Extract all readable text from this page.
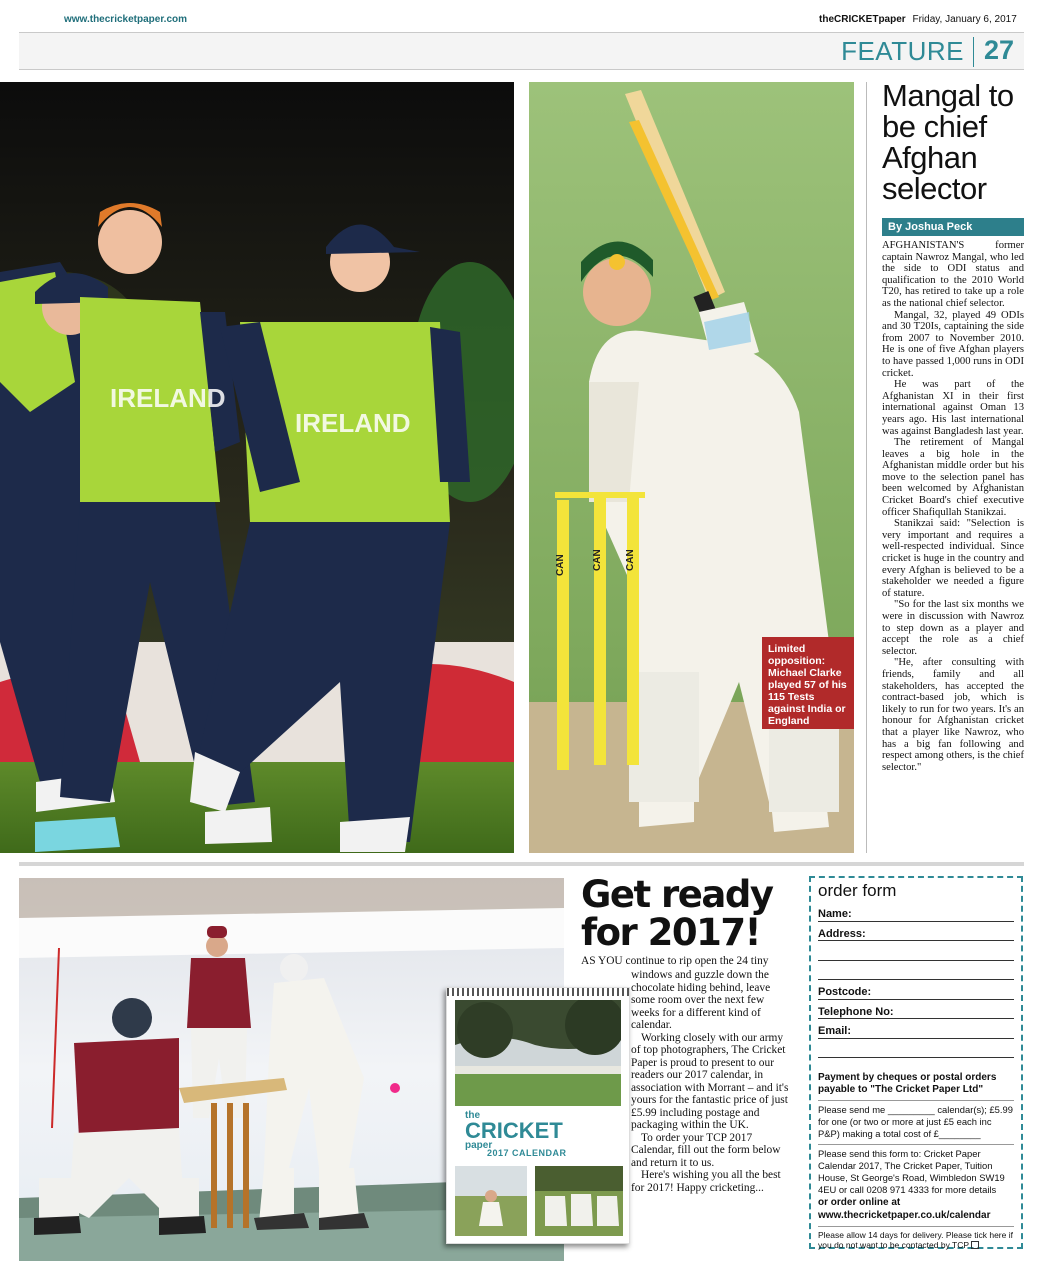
www.thecricketpaper.com	theCRICKETpaper Friday, January 6, 2017
FEATURE 27
IRELAND
IRELAND
CAN	CAN CAN
Limited opposition: Michael Clarke played 57 of his 115 Tests against India or England
Mangal to be chief Afghan selector
By Joshua Peck

AFGHANISTAN'S former captain Nawroz Mangal, who led the side to ODI status and qualification to the 2010 World T20, has retired to take up a role as the national chief selector.

Mangal, 32, played 49 ODIs and 30 T20Is, captaining the side from 2007 to November 2010. He is one of five Afghan players to have passed 1,000 runs in ODI cricket.

He was part of the Afghanistan XI in their first international against Oman 13 years ago. His last international was against Bangladesh last year.

The retirement of Mangal leaves a big hole in the Afghanistan middle order but his move to the selection panel has been welcomed by Afghanistan Cricket Board's chief executive officer Shafiqullah Stanikzai.

Stanikzai said: "Selection is very important and requires a well-respected individual. Since cricket is huge in the country and every Afghan is believed to be a stakeholder we needed a figure of stature.

"So for the last six months we were in discussion with Nawroz to step down as a player and accept the role as a chief selector.

"He, after consulting with friends, family and all stakeholders, has accepted the contract-based job, which is likely to run for two years. It's an honour for Afghanistan cricket that a player like Nawroz, who has a big fan following and respect among others, is the chief selector."

Get ready for 2017!

AS YOU continue to rip open the 24 tiny

windows and guzzle down the chocolate hiding behind, leave some room over the next few weeks for a different kind of calendar.

Working closely with our army of top photographers, The Cricket Paper is proud to present to our readers our 2017 calendar, in association with Morrant – and it's yours for the fantastic price of just £5.99 including postage and packaging within the UK.

To order your TCP 2017 Calendar, fill out the form below and return it to us.

Here's wishing you all the best for 2017! Happy cricketing...

the
CRICKET
paper
2017 CALENDAR
order form
Name:
Address:
Postcode:
Telephone No:
Email:
Payment by cheques or postal orders payable to "The Cricket Paper Ltd"
Please send me _________ calendar(s); £5.99 for one (or two or more at just £5 each inc P&P) making a total cost of £________
Please send this form to: Cricket Paper Calendar 2017, The Cricket Paper, Tuition House, St George's Road, Wimbledon SW19 4EU or call 0208 971 4333 for more details
or order online at
www.thecricketpaper.co.uk/calendar
Please allow 14 days for delivery. Please tick here if you do not want to be contacted by TCP
